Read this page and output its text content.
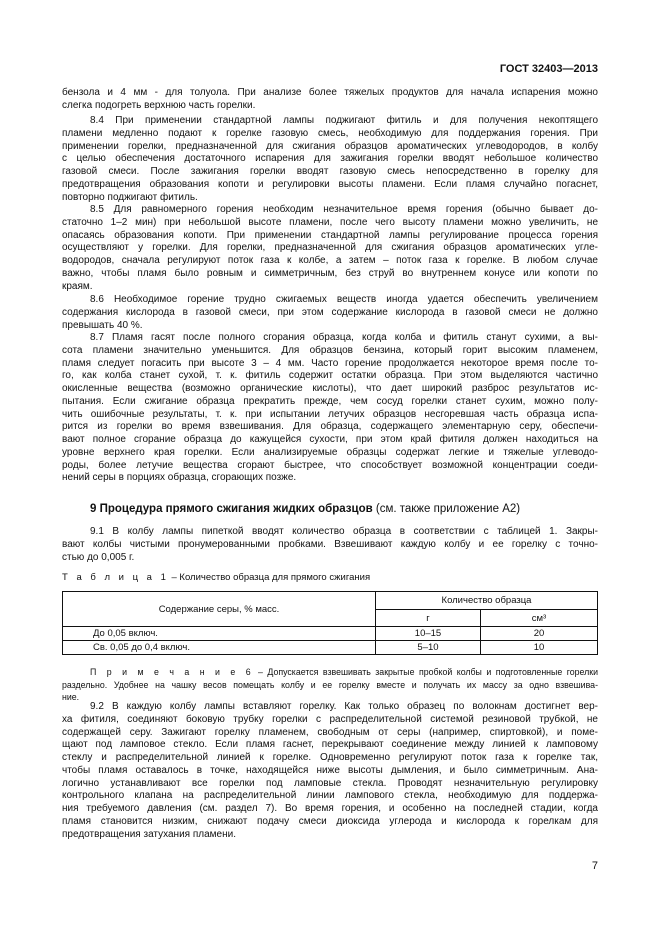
ГОСТ 32403—2013
бензола и 4 мм - для толуола. При анализе более тяжелых продуктов для начала испарения можно
слегка подогреть верхнюю часть горелки.
8.4 При применении стандартной лампы поджигают фитиль и для получения некоптящего
пламени медленно подают к горелке газовую смесь, необходимую для поддержания горения. При
применении горелки, предназначенной для сжигания образцов ароматических углеводородов, в колбу
с целью обеспечения достаточного испарения для зажигания горелки вводят небольшое количество
газовой смеси. После зажигания горелки вводят газовую смесь непосредственно в горелку для
предотвращения образования копоти и регулировки высоты пламени. Если пламя случайно погаснет,
повторно поджигают фитиль.
8.5 Для равномерного горения необходим незначительное время горения (обычно бывает до-
статочно 1–2 мин) при небольшой высоте пламени, после чего высоту пламени можно увеличить, не
опасаясь образования копоти. При применении стандартной лампы регулирование процесса горения
осуществляют у горелки. Для горелки, предназначенной для сжигания образцов ароматических угле-
водородов, сначала регулируют поток газа к колбе, а затем – поток газа к горелке. В любом случае
важно, чтобы пламя было ровным и симметричным, без струй во внутреннем конусе или копоти по
краям.
8.6 Необходимое горение трудно сжигаемых веществ иногда удается обеспечить увеличением
содержания кислорода в газовой смеси, при этом содержание кислорода в газовой смеси не должно
превышать 40 %.
8.7 Пламя гасят после полного сгорания образца, когда колба и фитиль станут сухими, а вы-
сота пламени значительно уменьшится. Для образцов бензина, который горит высоким пламенем,
пламя следует погасить при высоте 3 – 4 мм. Часто горение продолжается некоторое время после то-
го, как колба станет сухой, т. к. фитиль содержит остатки образца. При этом выделяются частично
окисленные вещества (возможно органические кислоты), что дает широкий разброс результатов ис-
пытания. Если сжигание образца прекратить прежде, чем сосуд горелки станет сухим, можно полу-
чить ошибочные результаты, т. к. при испытании летучих образцов несгоревшая часть образца испа-
рится из горелки во время взвешивания. Для образца, содержащего элементарную серу, обеспечи-
вают полное сгорание образца до кажущейся сухости, при этом край фитиля должен находиться на
уровне верхнего края горелки. Если анализируемые образцы содержат легкие и тяжелые углеводо-
роды, более летучие вещества сгорают быстрее, что способствует возможной концентрации соеди-
нений серы в порциях образца, сгорающих позже.
9 Процедура прямого сжигания жидких образцов (см. также приложение А2)
9.1 В колбу лампы пипеткой вводят количество образца в соответствии с таблицей 1. Закры-
вают колбы чистыми пронумерованными пробками. Взвешивают каждую колбу и ее горелку с точно-
стью до 0,005 г.
Т а б л и ц а 1 – Количество образца для прямого сжигания
Содержание серы, % масс.	Количество образца	
	г	см³
До 0,05 включ.	10–15	20
Св. 0,05 до 0,4 включ.	5–10	10
П р и м е ч а н и е 6 – Допускается взвешивать закрытые пробкой колбы и подготовленные горелки
раздельно. Удобнее на чашку весов помещать колбу и ее горелку вместе и получать их массу за одно взвешива-
ние.
9.2 В каждую колбу лампы вставляют горелку. Как только образец по волокнам достигнет вер-
ха фитиля, соединяют боковую трубку горелки с распределительной системой резиновой трубкой, не
содержащей серу. Зажигают горелку пламенем, свободным от серы (например, спиртовкой), и поме-
щают под ламповое стекло. Если пламя гаснет, перекрывают соединение между линией к ламповому
стеклу и распределительной линией к горелке. Одновременно регулируют поток газа к горелке так,
чтобы пламя оставалось в точке, находящейся ниже высоты дымления, и было симметричным. Ана-
логично устанавливают все горелки под ламповые стекла. Проводят незначительную регулировку
контрольного клапана на распределительной линии лампового стекла, необходимую для поддержа-
ния требуемого давления (см. раздел 7). Во время горения, и особенно на последней стадии, когда
пламя становится низким, снижают подачу смеси диоксида углерода и кислорода к горелкам для
предотвращения затухания пламени.
7
